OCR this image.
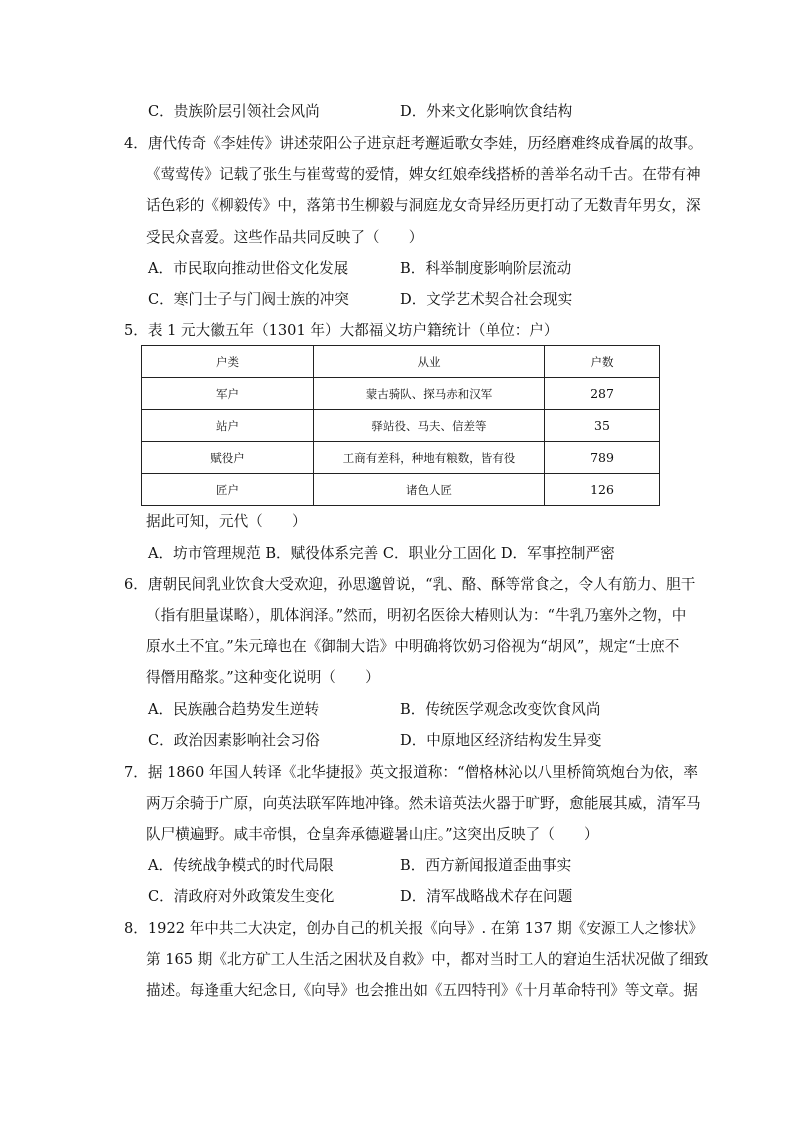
C．贵族阶层引领社会风尚	D．外来文化影响饮食结构
4．唐代传奇《李娃传》讲述荥阳公子进京赶考邂逅歌女李娃，历经磨难终成眷属的故事。
《莺莺传》记载了张生与崔莺莺的爱情，婢女红娘牵线搭桥的善举名动千古。在带有神
话色彩的《柳毅传》中，落第书生柳毅与洞庭龙女奇异经历更打动了无数青年男女，深
受民众喜爱。这些作品共同反映了（　　）
A．市民取向推动世俗文化发展	B．科举制度影响阶层流动
C．寒门士子与门阀士族的冲突	D．文学艺术契合社会现实
5．表 1 元大徽五年（1301 年）大都福义坊户籍统计（单位：户）
户类	从业	户数
军户	蒙古骑队、探马赤和汉军	287
站户	驿站役、马夫、信差等	35
赋役户	工商有差科，种地有粮数，皆有役	789
匠户	诸色人匠	126
据此可知，元代（　　）
A．坊市管理规范 B．赋役体系完善 C．职业分工固化 D．军事控制严密
6．唐朝民间乳业饮食大受欢迎，孙思邈曾说，“乳、酪、酥等常食之，令人有筋力、胆干
（指有胆量谋略），肌体润泽。”然而，明初名医徐大椿则认为：“牛乳乃塞外之物，中
原水土不宜。”朱元璋也在《御制大诰》中明确将饮奶习俗视为“胡风”，规定“士庶不
得僭用酪浆。”这种变化说明（　　）
A．民族融合趋势发生逆转	B．传统医学观念改变饮食风尚
C．政治因素影响社会习俗	D．中原地区经济结构发生异变
7．据 1860 年国人转译《北华捷报》英文报道称：“僧格林沁以八里桥简筑炮台为依，率
两万余骑于广原，向英法联军阵地冲锋。然未谙英法火器于旷野，愈能展其威，清军马
队尸横遍野。咸丰帝惧，仓皇奔承德避暑山庄。”这突出反映了（　　）
A．传统战争模式的时代局限	B．西方新闻报道歪曲事实
C．清政府对外政策发生变化	D．清军战略战术存在问题
8．1922 年中共二大决定，创办自己的机关报《向导》. 在第 137 期《安源工人之惨状》
第 165 期《北方矿工人生活之困状及自救》中，都对当时工人的窘迫生活状况做了细致
描述。每逢重大纪念日,《向导》也会推出如《五四特刊》《十月革命特刊》等文章。据
